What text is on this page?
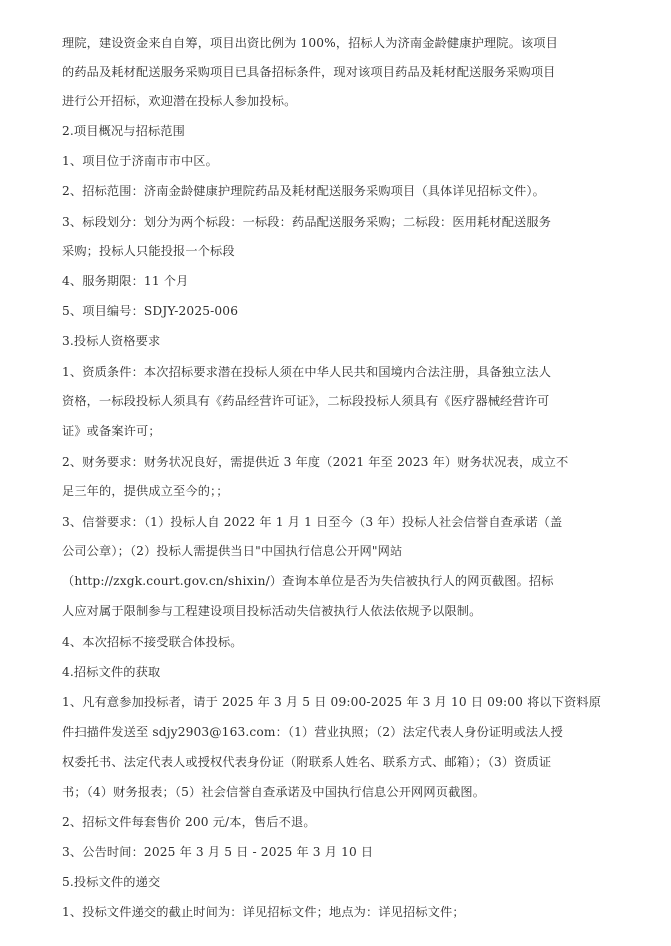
理院，建设资金来自自筹，项目出资比例为 100%，招标人为济南金龄健康护理院。该项目
的药品及耗材配送服务采购项目已具备招标条件，现对该项目药品及耗材配送服务采购项目
进行公开招标，欢迎潜在投标人参加投标。
2.项目概况与招标范围
1、项目位于济南市市中区。
2、招标范围：济南金龄健康护理院药品及耗材配送服务采购项目（具体详见招标文件）。
3、标段划分：划分为两个标段：一标段：药品配送服务采购；二标段：医用耗材配送服务
采购；投标人只能投报一个标段
4、服务期限：11 个月
5、项目编号：SDJY-2025-006
3.投标人资格要求
1、资质条件：本次招标要求潜在投标人须在中华人民共和国境内合法注册，具备独立法人
资格，一标段投标人须具有《药品经营许可证》，二标段投标人须具有《医疗器械经营许可
证》或备案许可；
2、财务要求：财务状况良好，需提供近 3 年度（2021 年至 2023 年）财务状况表，成立不
足三年的，提供成立至今的；；
3、信誉要求：（1）投标人自 2022 年 1 月 1 日至今（3 年）投标人社会信誉自查承诺（盖
公司公章）；（2）投标人需提供当日"中国执行信息公开网"网站
（http://zxgk.court.gov.cn/shixin/）查询本单位是否为失信被执行人的网页截图。招标
人应对属于限制参与工程建设项目投标活动失信被执行人依法依规予以限制。
4、本次招标不接受联合体投标。
4.招标文件的获取
1、凡有意参加投标者，请于 2025 年 3 月 5 日 09:00-2025 年 3 月 10 日 09:00 将以下资料原
件扫描件发送至 sdjy2903@163.com：（1）营业执照；（2）法定代表人身份证明或法人授
权委托书、法定代表人或授权代表身份证（附联系人姓名、联系方式、邮箱）；（3）资质证
书；（4）财务报表；（5）社会信誉自查承诺及中国执行信息公开网网页截图。
2、招标文件每套售价 200 元/本，售后不退。
3、公告时间：2025 年 3 月 5 日 - 2025 年 3 月 10 日
5.投标文件的递交
1、投标文件递交的截止时间为：详见招标文件；地点为：详见招标文件；
